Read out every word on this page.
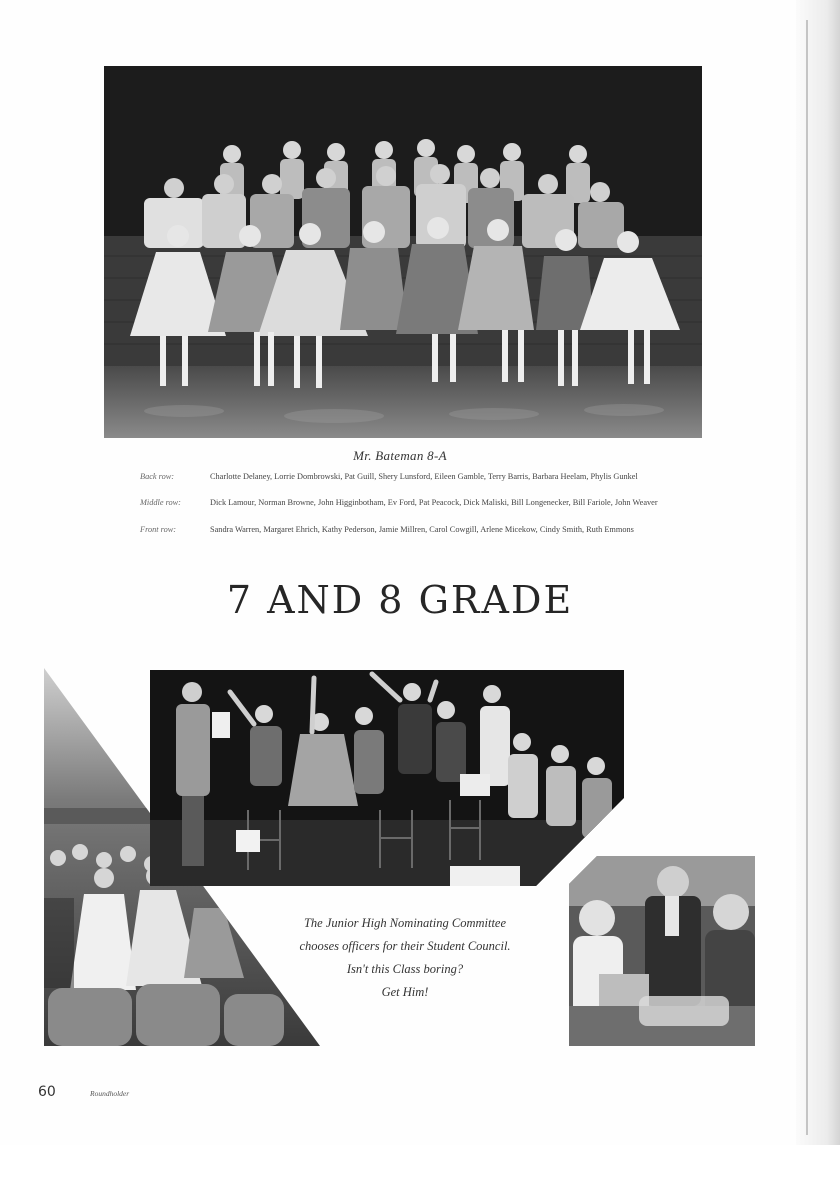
Mr. Bateman 8-A
Back row:	Charlotte Delaney, Lorrie Dombrowski, Pat Guill, Shery Lunsford, Eileen Gamble, Terry Barris, Barbara Heelam, Phylis Gunkel
Middle row:	Dick Lamour, Norman Browne, John Higginbotham, Ev Ford, Pat Peacock, Dick Maliski, Bill Longenecker, Bill Fariole, John Weaver
Front row:	Sandra Warren, Margaret Ehrich, Kathy Pederson, Jamie Millren, Carol Cowgill, Arlene Micekow, Cindy Smith, Ruth Emmons
7 AND 8 GRADE
The Junior High Nominating Committee
chooses officers for their Student Council.
Isn't this Class boring?
Get Him!
60	Roundholder
